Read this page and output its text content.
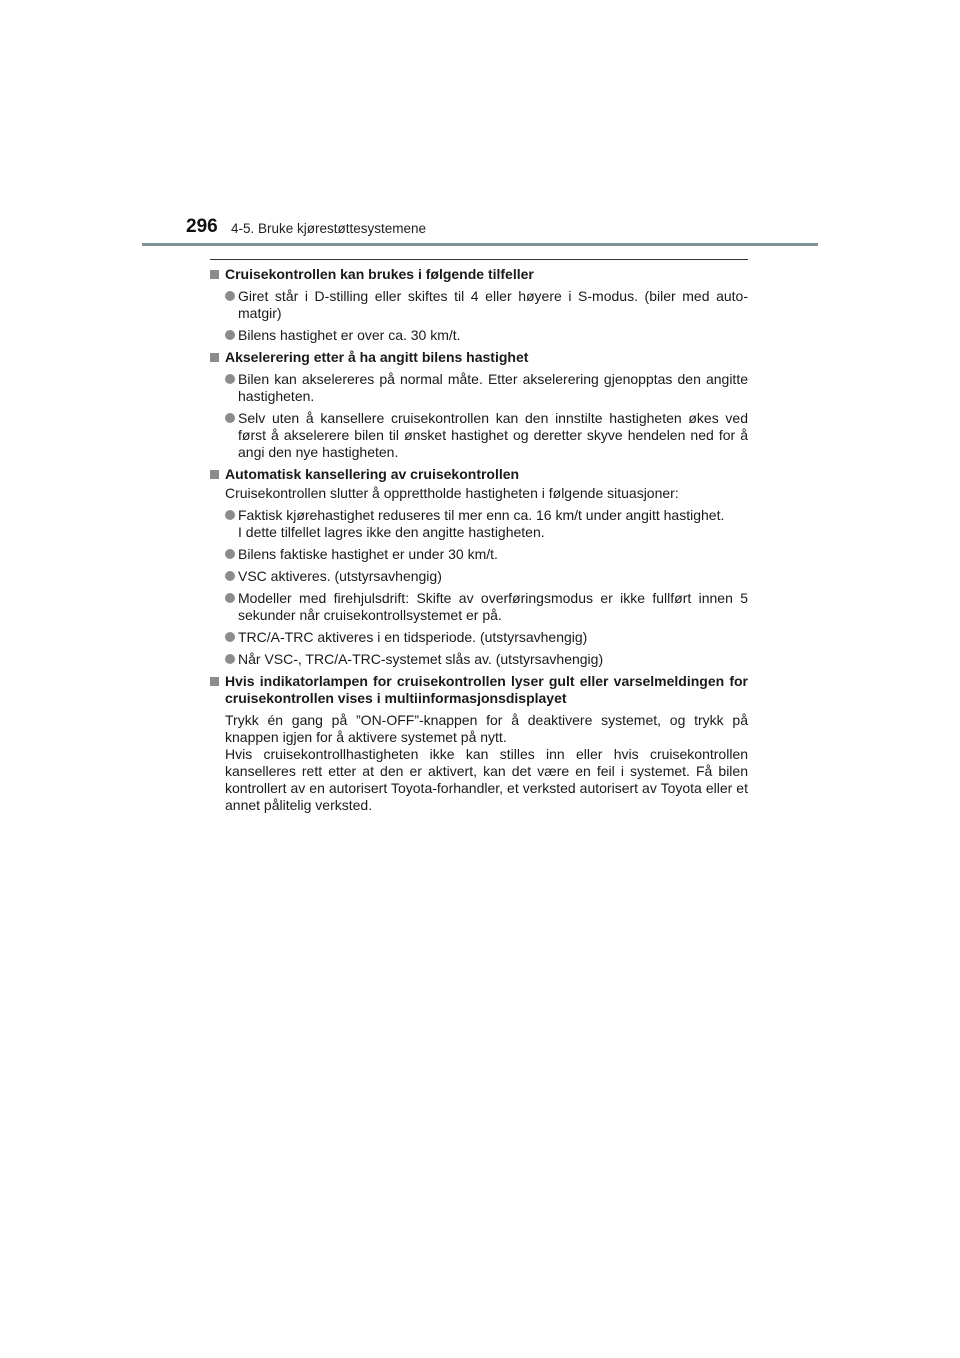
296 4-5. Bruke kjørestøttesystemene
Cruisekontrollen kan brukes i følgende tilfeller
Giret står i D-stilling eller skiftes til 4 eller høyere i S-modus. (biler med automatgir)
Bilens hastighet er over ca. 30 km/t.
Akselerering etter å ha angitt bilens hastighet
Bilen kan akselereres på normal måte. Etter akselerering gjenopptas den angitte hastigheten.
Selv uten å kansellere cruisekontrollen kan den innstilte hastigheten økes ved først å akselerere bilen til ønsket hastighet og deretter skyve hendelen ned for å angi den nye hastigheten.
Automatisk kansellering av cruisekontrollen
Cruisekontrollen slutter å opprettholde hastigheten i følgende situasjoner:
Faktisk kjørehastighet reduseres til mer enn ca. 16 km/t under angitt hastighet.
I dette tilfellet lagres ikke den angitte hastigheten.
Bilens faktiske hastighet er under 30 km/t.
VSC aktiveres. (utstyrsavhengig)
Modeller med firehjulsdrift: Skifte av overføringsmodus er ikke fullført innen 5 sekunder når cruisekontrollsystemet er på.
TRC/A-TRC aktiveres i en tidsperiode. (utstyrsavhengig)
Når VSC-, TRC/A-TRC-systemet slås av. (utstyrsavhengig)
Hvis indikatorlampen for cruisekontrollen lyser gult eller varselmeldingen for cruisekontrollen vises i multiinformasjonsdisplayet
Trykk én gang på ”ON-OFF”-knappen for å deaktivere systemet, og trykk på knappen igjen for å aktivere systemet på nytt.
Hvis cruisekontrollhastigheten ikke kan stilles inn eller hvis cruisekontrollen kanselleres rett etter at den er aktivert, kan det være en feil i systemet. Få bilen kontrollert av en autorisert Toyota-forhandler, et verksted autorisert av Toyota eller et annet pålitelig verksted.
